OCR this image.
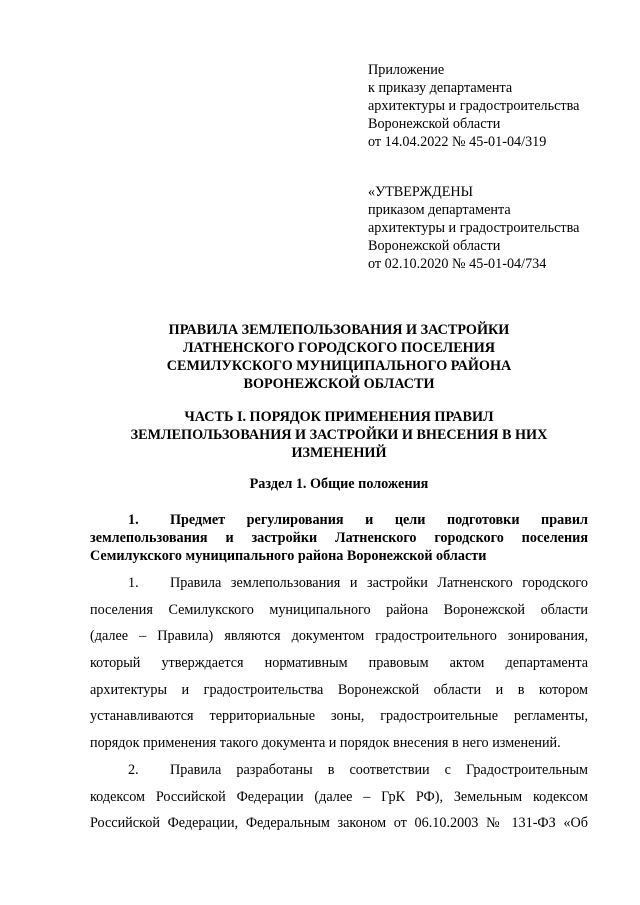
Приложение
к приказу департамента
архитектуры и градостроительства
Воронежской области
от 14.04.2022 № 45-01-04/319
«УТВЕРЖДЕНЫ
приказом департамента
архитектуры и градостроительства
Воронежской области
от 02.10.2020 № 45-01-04/734
ПРАВИЛА ЗЕМЛЕПОЛЬЗОВАНИЯ И ЗАСТРОЙКИ
ЛАТНЕНСКОГО ГОРОДСКОГО ПОСЕЛЕНИЯ
СЕМИЛУКСКОГО МУНИЦИПАЛЬНОГО РАЙОНА
ВОРОНЕЖСКОЙ ОБЛАСТИ
ЧАСТЬ I. ПОРЯДОК ПРИМЕНЕНИЯ ПРАВИЛ
ЗЕМЛЕПОЛЬЗОВАНИЯ И ЗАСТРОЙКИ И ВНЕСЕНИЯ В НИХ
ИЗМЕНЕНИЙ
Раздел 1. Общие положения
1. Предмет регулирования и цели подготовки правил
землепользования и застройки Латненского городского поселения
Семилукского муниципального района Воронежской области
1. Правила землепользования и застройки Латненского городского
поселения Семилукского муниципального района Воронежской области
(далее – Правила) являются документом градостроительного зонирования,
который утверждается нормативным правовым актом департамента
архитектуры и градостроительства Воронежской области и в котором
устанавливаются территориальные зоны, градостроительные регламенты,
порядок применения такого документа и порядок внесения в него изменений.
2. Правила разработаны в соответствии с Градостроительным
кодексом Российской Федерации (далее – ГрК РФ), Земельным кодексом
Российской Федерации, Федеральным законом от 06.10.2003 № 131-ФЗ «Об
